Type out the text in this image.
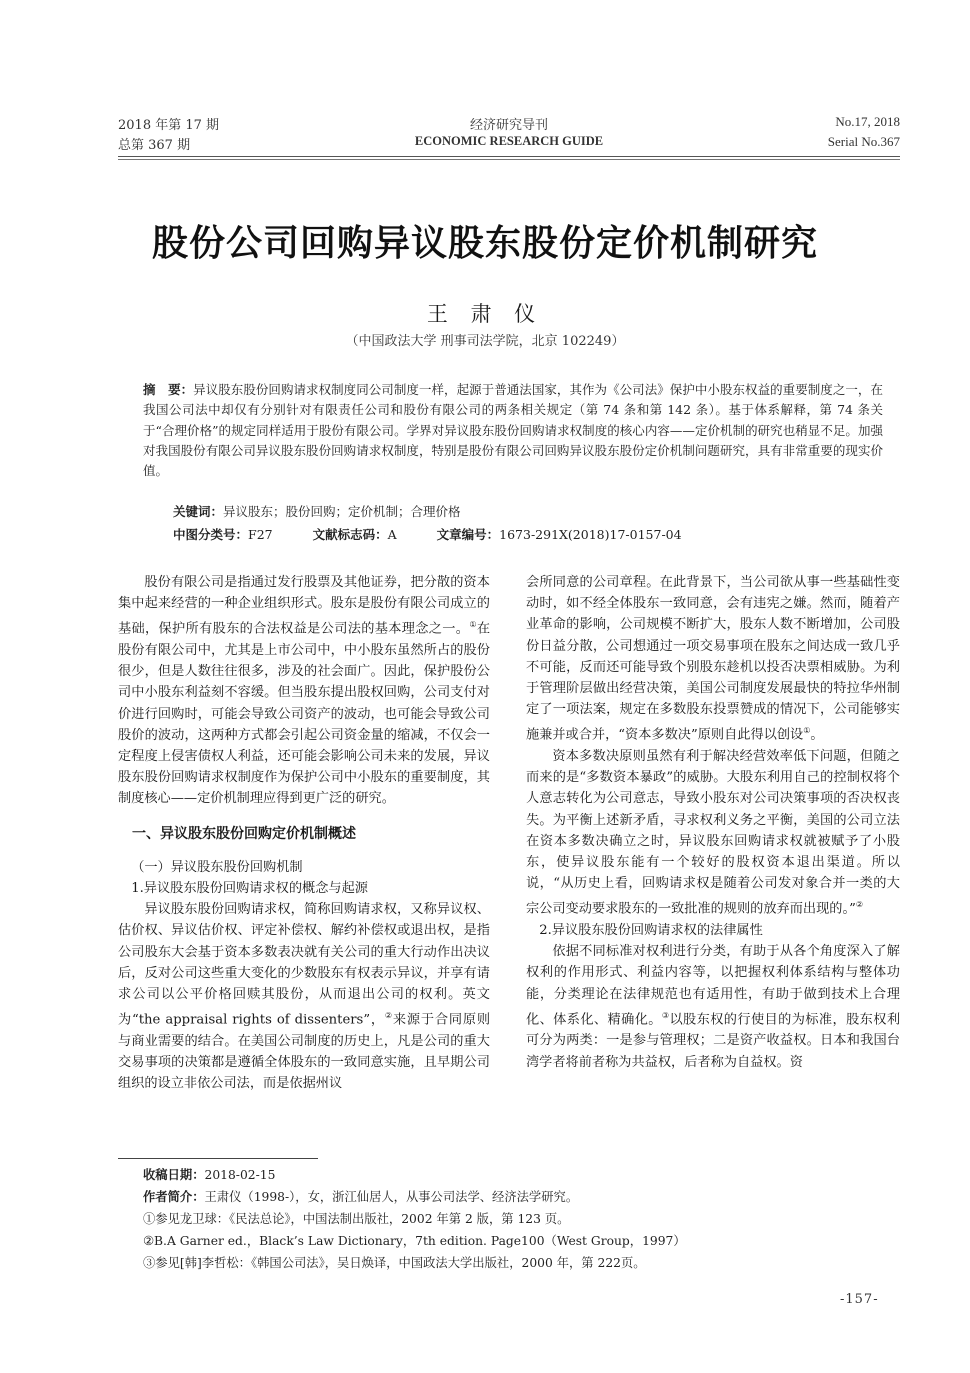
2018 年第 17 期
总第 367 期
经济研究导刊
ECONOMIC RESEARCH GUIDE
No.17, 2018
Serial No.367
股份公司回购异议股东股份定价机制研究
王 肃 仪
（中国政法大学 刑事司法学院，北京 102249）
摘　要：异议股东股份回购请求权制度同公司制度一样，起源于普通法国家，其作为《公司法》保护中小股东权益的重要制度之一，在我国公司法中却仅有分别针对有限责任公司和股份有限公司的两条相关规定（第 74 条和第 142 条）。基于体系解释，第 74 条关于“合理价格”的规定同样适用于股份有限公司。学界对异议股东股份回购请求权制度的核心内容——定价机制的研究也稍显不足。加强对我国股份有限公司异议股东股份回购请求权制度，特别是股份有限公司回购异议股东股份定价机制问题研究，具有非常重要的现实价值。
关键词：异议股东；股份回购；定价机制；合理价格
中图分类号：F27	文献标志码：A	文章编号：1673-291X(2018)17-0157-04

股份有限公司是指通过发行股票及其他证券，把分散的资本集中起来经营的一种企业组织形式。股东是股份有限公司成立的基础，保护所有股东的合法权益是公司法的基本理念之一。①在股份有限公司中，尤其是上市公司中，中小股东虽然所占的股份很少，但是人数往往很多，涉及的社会面广。因此，保护股份公司中小股东利益刻不容缓。但当股东提出股权回购，公司支付对价进行回购时，可能会导致公司资产的波动，也可能会导致公司股价的波动，这两种方式都会引起公司资金量的缩减，不仅会一定程度上侵害债权人利益，还可能会影响公司未来的发展，异议股东股份回购请求权制度作为保护公司中小股东的重要制度，其制度核心——定价机制理应得到更广泛的研究。

一、异议股东股份回购定价机制概述
（一）异议股东股份回购机制
1.异议股东股份回购请求权的概念与起源

异议股东股份回购请求权，简称回购请求权，又称异议权、估价权、异议估价权、评定补偿权、解约补偿权或退出权，是指公司股东大会基于资本多数表决就有关公司的重大行动作出决议后，反对公司这些重大变化的少数股东有权表示异议，并享有请求公司以公平价格回赎其股份，从而退出公司的权利。英文为“the appraisal rights of dissenters”，②来源于合同原则与商业需要的结合。在美国公司制度的历史上，凡是公司的重大交易事项的决策都是遵循全体股东的一致同意实施，且早期公司组织的设立非依公司法，而是依据州议

会所同意的公司章程。在此背景下，当公司欲从事一些基础性变动时，如不经全体股东一致同意，会有违宪之嫌。然而，随着产业革命的影响，公司规模不断扩大，股东人数不断增加，公司股份日益分散，公司想通过一项交易事项在股东之间达成一致几乎不可能，反而还可能导致个别股东趁机以投否决票相威胁。为利于管理阶层做出经营决策，美国公司制度发展最快的特拉华州制定了一项法案，规定在多数股东投票赞成的情况下，公司能够实施兼并或合并，“资本多数决”原则自此得以创设①。

资本多数决原则虽然有利于解决经营效率低下问题，但随之而来的是“多数资本暴政”的威胁。大股东利用自己的控制权将个人意志转化为公司意志，导致小股东对公司决策事项的否决权丧失。为平衡上述新矛盾，寻求权利义务之平衡，美国的公司立法在资本多数决确立之时，异议股东回购请求权就被赋予了小股东，使异议股东能有一个较好的股权资本退出渠道。所以说，“从历史上看，回购请求权是随着公司发对象合并一类的大宗公司变动要求股东的一致批准的规则的放弃而出现的。”②

2.异议股东股份回购请求权的法律属性

依据不同标准对权利进行分类，有助于从各个角度深入了解权利的作用形式、利益内容等，以把握权利体系结构与整体功能，分类理论在法律规范也有适用性，有助于做到技术上合理化、体系化、精确化。③以股东权的行使目的为标准，股东权利可分为两类：一是参与管理权；二是资产收益权。日本和我国台湾学者将前者称为共益权，后者称为自益权。资

收稿日期：2018-02-15
作者简介：王肃仪（1998-），女，浙江仙居人，从事公司法学、经济法学研究。
①参见龙卫球：《民法总论》，中国法制出版社，2002 年第 2 版，第 123 页。
②B.A Garner ed.，Black’s Law Dictionary，7th edition. Page100（West Group，1997）
③参见[韩]李哲松：《韩国公司法》，吴日焕译，中国政法大学出版社，2000 年，第 222页。
-157-
